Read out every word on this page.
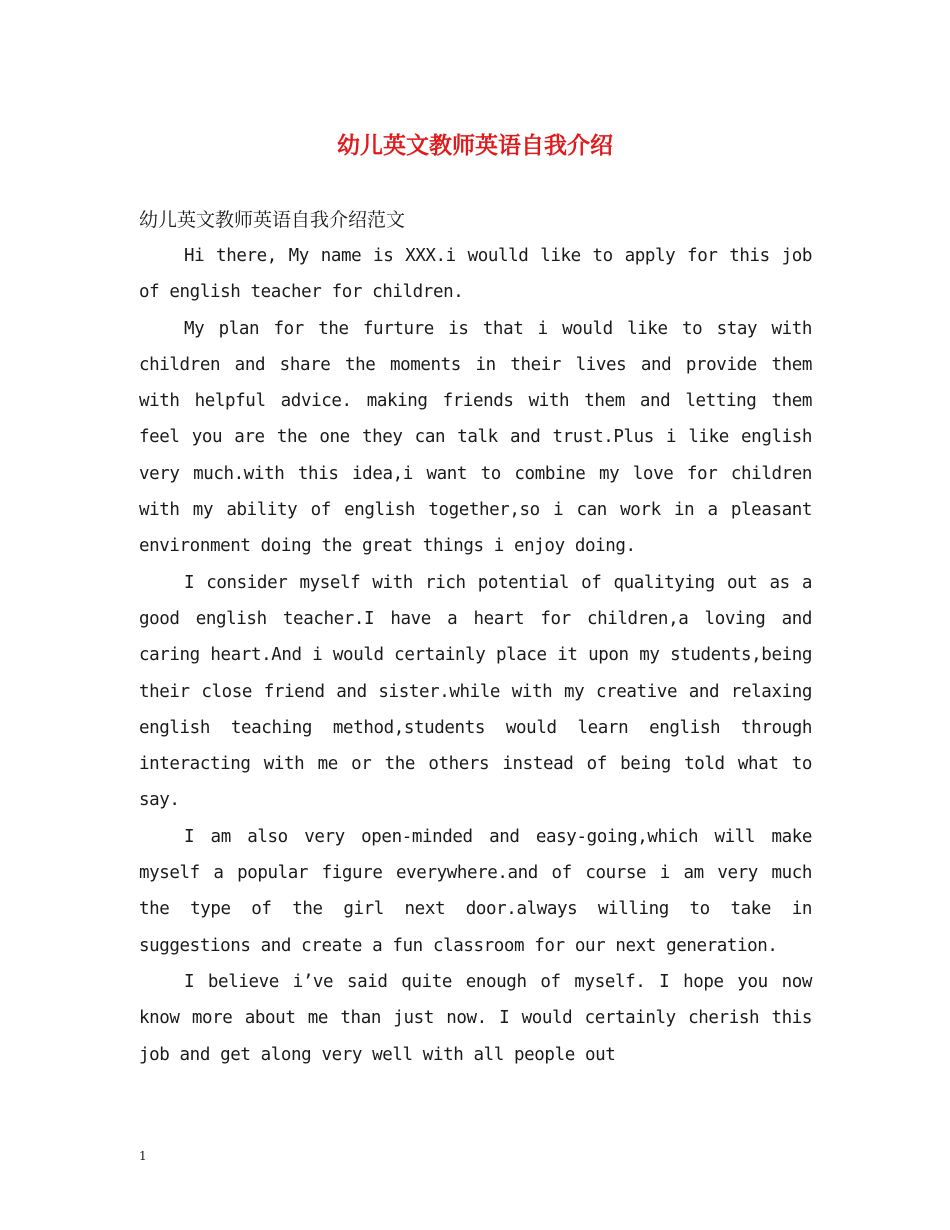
幼儿英文教师英语自我介绍

幼儿英文教师英语自我介绍范文

Hi there, My name is XXX.i woulld like to apply for this job of english teacher for children.

My plan for the furture is that i would like to stay with children and share the moments in their lives and provide them with helpful advice. making friends with them and letting them feel you are the one they can talk and trust.Plus i like english very much.with this idea,i want to combine my love for children with my ability of english together,so i can work in a pleasant environment doing the great things i enjoy doing.

I consider myself with rich potential of qualitying out as a good english teacher.I have a heart for children,a loving and caring heart.And i would certainly place it upon my students,being their close friend and sister.while with my creative and relaxing english teaching method,students would learn english through interacting with me or the others instead of being told what to say.

I am also very open-minded and easy-going,which will make myself a popular figure everywhere.and of course i am very much the type of the girl next door.always willing to take in suggestions and create a fun classroom for our next generation.

I believe i’ve said quite enough of myself. I hope you now know more about me than just now. I would certainly cherish this job and get along very well with all people out

1
